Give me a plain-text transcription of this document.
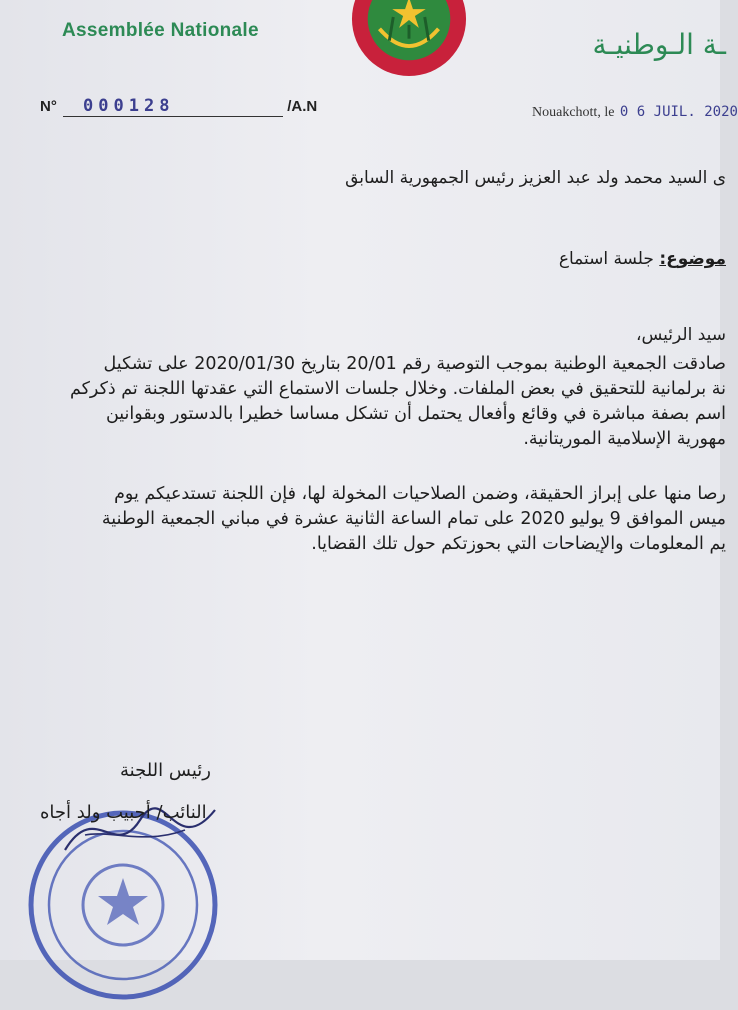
Assemblée Nationale	ـة الـوطنيـة
N° 000128	/A.N	Nouakchott, le 0 6 JUIL. 2020
ى السيد محمد ولد عبد العزيز رئيس الجمهورية السابق
موضوع: جلسة استماع
سيد الرئيس،
صادقت الجمعية الوطنية بموجب التوصية رقم 20/01 بتاريخ 2020/01/30 على تشكيل
نة برلمانية للتحقيق في بعض الملفات. وخلال جلسات الاستماع التي عقدتها اللجنة تم ذكركم
اسم بصفة مباشرة في وقائع وأفعال يحتمل أن تشكل مساسا خطيرا بالدستور وبقوانين
مهورية الإسلامية الموريتانية.
رصا منها على إبراز الحقيقة، وضمن الصلاحيات المخولة لها، فإن اللجنة تستدعيكم يوم
ميس الموافق 9 يوليو 2020 على تمام الساعة الثانية عشرة في مباني الجمعية الوطنية
يم المعلومات والإيضاحات التي بحوزتكم حول تلك القضايا.
رئيس اللجنة
النائب/ أحبيب ولد أجاه
